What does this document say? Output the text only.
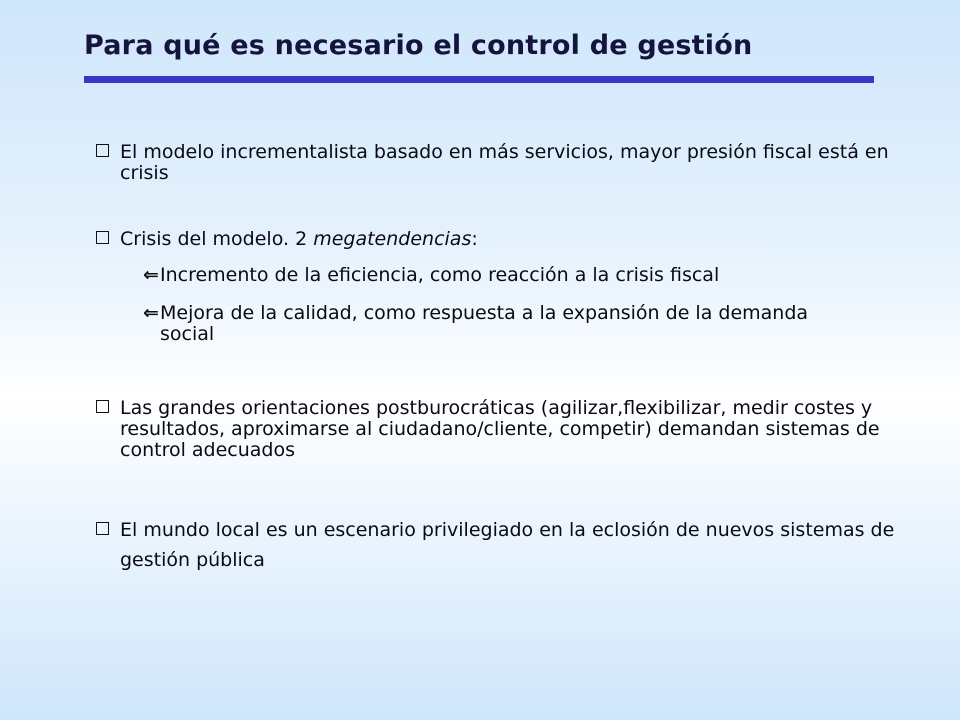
Para qué es necesario el control de gestión
El modelo incrementalista basado en más servicios, mayor presión fiscal está en crisis
Crisis del modelo. 2 megatendencias:
⇐ Incremento de la eficiencia, como reacción a la crisis fiscal
⇐ Mejora de la calidad, como respuesta a la expansión de la demanda social
Las grandes orientaciones postburocráticas (agilizar,flexibilizar, medir costes y resultados, aproximarse al ciudadano/cliente, competir) demandan sistemas de control adecuados
El mundo local es un escenario privilegiado en la eclosión de nuevos sistemas de gestión pública
